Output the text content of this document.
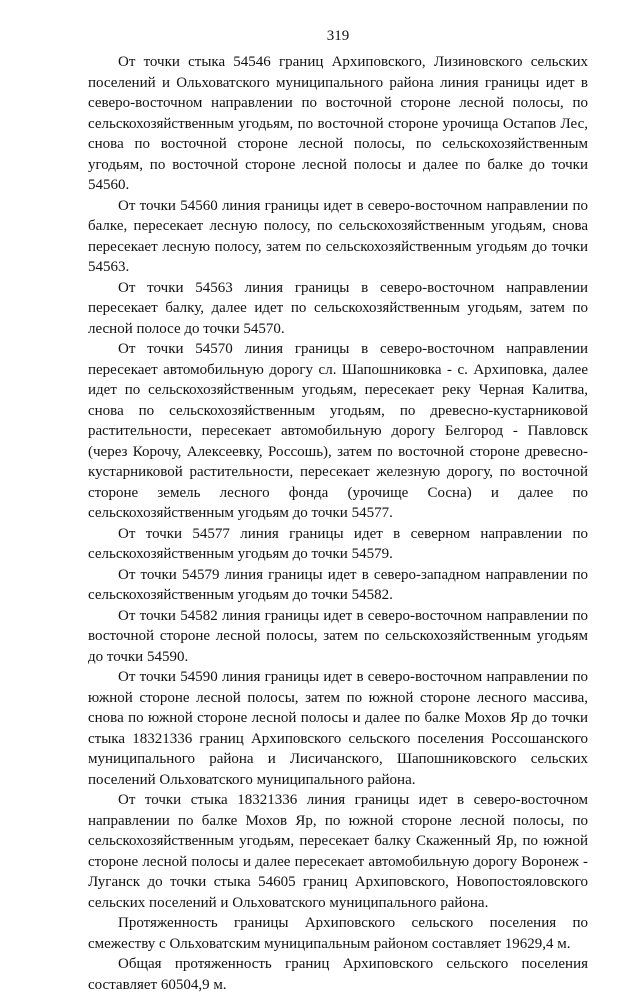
319

От точки стыка 54546 границ Архиповского, Лизиновского сельских поселений и Ольховатского муниципального района линия границы идет в северо-восточном направлении по восточной стороне лесной полосы, по сельскохозяйственным угодьям, по восточной стороне урочища Остапов Лес, снова по восточной стороне лесной полосы, по сельскохозяйственным угодьям, по восточной стороне лесной полосы и далее по балке до точки 54560.

От точки 54560 линия границы идет в северо-восточном направлении по балке, пересекает лесную полосу, по сельскохозяйственным угодьям, снова пересекает лесную полосу, затем по сельскохозяйственным угодьям до точки 54563.

От точки 54563 линия границы в северо-восточном направлении пересекает балку, далее идет по сельскохозяйственным угодьям, затем по лесной полосе до точки 54570.

От точки 54570 линия границы в северо-восточном направлении пересекает автомобильную дорогу сл. Шапошниковка - с. Архиповка, далее идет по сельскохозяйственным угодьям, пересекает реку Черная Калитва, снова по сельскохозяйственным угодьям, по древесно-кустарниковой растительности, пересекает автомобильную дорогу Белгород - Павловск (через Корочу, Алексеевку, Россошь), затем по восточной стороне древесно-кустарниковой растительности, пересекает железную дорогу, по восточной стороне земель лесного фонда (урочище Сосна) и далее по сельскохозяйственным угодьям до точки 54577.

От точки 54577 линия границы идет в северном направлении по сельскохозяйственным угодьям до точки 54579.

От точки 54579 линия границы идет в северо-западном направлении по сельскохозяйственным угодьям до точки 54582.

От точки 54582 линия границы идет в северо-восточном направлении по восточной стороне лесной полосы, затем по сельскохозяйственным угодьям до точки 54590.

От точки 54590 линия границы идет в северо-восточном направлении по южной стороне лесной полосы, затем по южной стороне лесного массива, снова по южной стороне лесной полосы и далее по балке Мохов Яр до точки стыка 18321336 границ Архиповского сельского поселения Россошанского муниципального района и Лисичанского, Шапошниковского сельских поселений Ольховатского муниципального района.

От точки стыка 18321336 линия границы идет в северо-восточном направлении по балке Мохов Яр, по южной стороне лесной полосы, по сельскохозяйственным угодьям, пересекает балку Скаженный Яр, по южной стороне лесной полосы и далее пересекает автомобильную дорогу Воронеж - Луганск до точки стыка 54605 границ Архиповского, Новопостояловского сельских поселений и Ольховатского муниципального района.

Протяженность границы Архиповского сельского поселения по смежеству с Ольховатским муниципальным районом составляет 19629,4 м.

Общая протяженность границ Архиповского сельского поселения составляет 60504,9 м.
